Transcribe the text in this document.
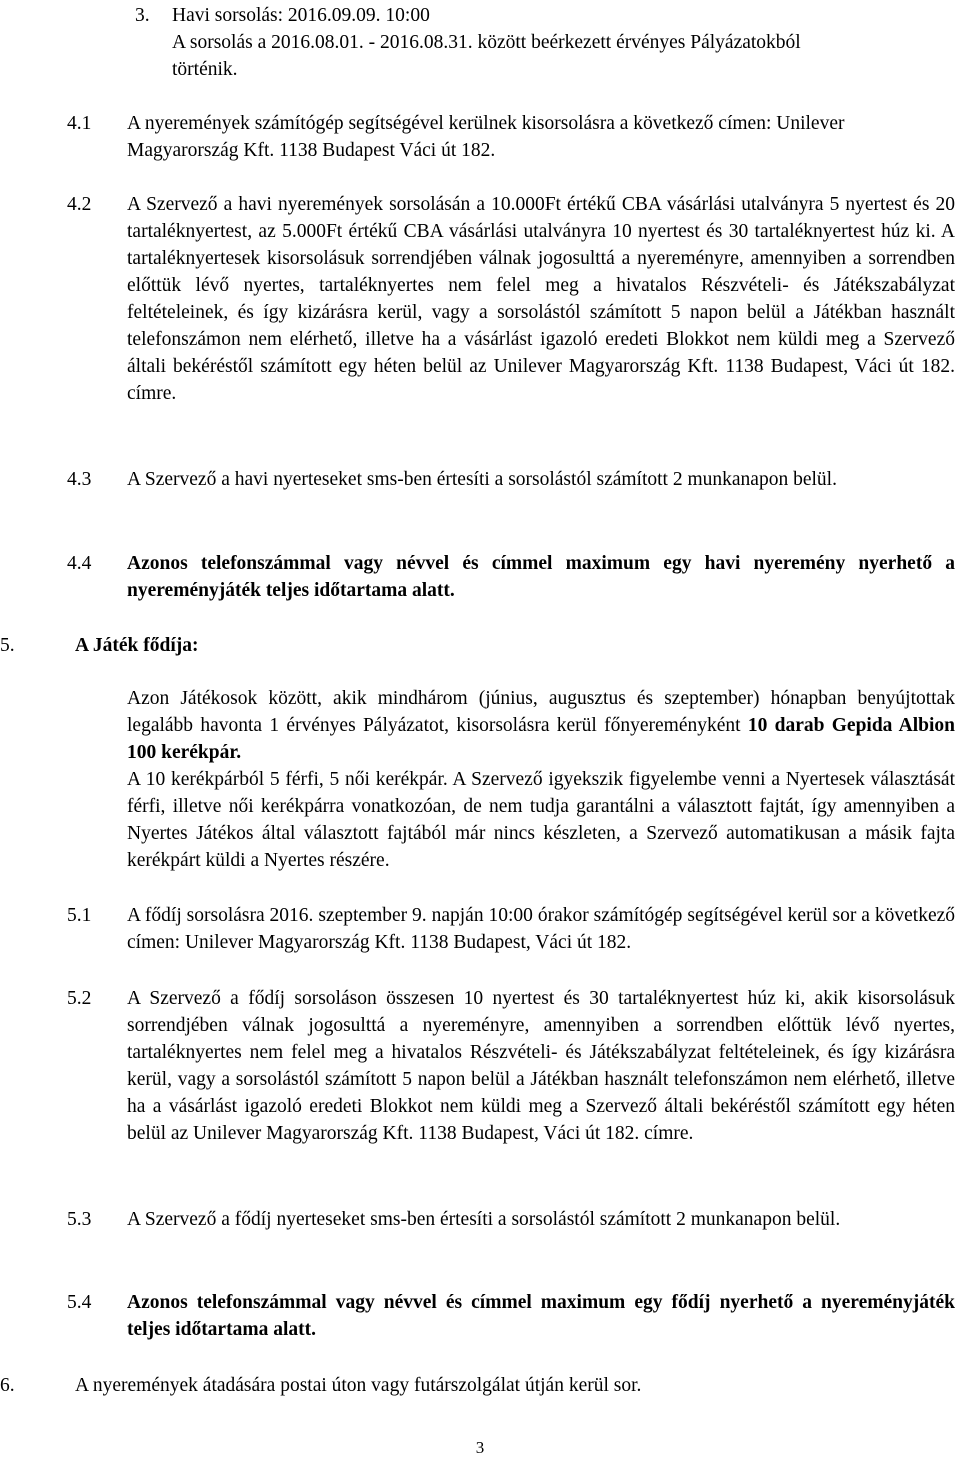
3. Havi sorsolás: 2016.09.09. 10:00

A sorsolás a 2016.08.01. - 2016.08.31. között beérkezett érvényes Pályázatokból történik.

4.1 A nyeremények számítógép segítségével kerülnek kisorsolásra a következő címen: Unilever Magyarország Kft. 1138 Budapest Váci út 182.

4.2 A Szervező a havi nyeremények sorsolásán a 10.000Ft értékű CBA vásárlási utalványra 5 nyertest és 20 tartaléknyertest, az 5.000Ft értékű CBA vásárlási utalványra 10 nyertest és 30 tartaléknyertest húz ki. A tartaléknyertesek kisorsolásuk sorrendjében válnak jogosulttá a nyereményre, amennyiben a sorrendben előttük lévő nyertes, tartaléknyertes nem felel meg a hivatalos Részvételi- és Játékszabályzat feltételeinek, és így kizárásra kerül, vagy a sorsolástól számított 5 napon belül a Játékban használt telefonszámon nem elérhető, illetve ha a vásárlást igazoló eredeti Blokkot nem küldi meg a Szervező általi bekéréstől számított egy héten belül az Unilever Magyarország Kft. 1138 Budapest, Váci út 182. címre.

4.3 A Szervező a havi nyerteseket sms-ben értesíti a sorsolástól számított 2 munkanapon belül.

4.4 Azonos telefonszámmal vagy névvel és címmel maximum egy havi nyeremény nyerhető a nyereményjáték teljes időtartama alatt.

5.	A Játék fődíja:

Azon Játékosok között, akik mindhárom (június, augusztus és szeptember) hónapban benyújtottak legalább havonta 1 érvényes Pályázatot, kisorsolásra kerül főnyereményként 10 darab Gepida Albion 100 kerékpár.

A 10 kerékpárból 5 férfi, 5 női kerékpár. A Szervező igyekszik figyelembe venni a Nyertesek választását férfi, illetve női kerékpárra vonatkozóan, de nem tudja garantálni a választott fajtát, így amennyiben a Nyertes Játékos által választott fajtából már nincs készleten, a Szervező automatikusan a másik fajta kerékpárt küldi a Nyertes részére.

5.1 A fődíj sorsolásra 2016. szeptember 9. napján 10:00 órakor számítógép segítségével kerül sor a következő címen: Unilever Magyarország Kft. 1138 Budapest, Váci út 182.

5.2 A Szervező a fődíj sorsoláson összesen 10 nyertest és 30 tartaléknyertest húz ki, akik kisorsolásuk sorrendjében válnak jogosulttá a nyereményre, amennyiben a sorrendben előttük lévő nyertes, tartaléknyertes nem felel meg a hivatalos Részvételi- és Játékszabályzat feltételeinek, és így kizárásra kerül, vagy a sorsolástól számított 5 napon belül a Játékban használt telefonszámon nem elérhető, illetve ha a vásárlást igazoló eredeti Blokkot nem küldi meg a Szervező általi bekéréstől számított egy héten belül az Unilever Magyarország Kft. 1138 Budapest, Váci út 182. címre.

5.3 A Szervező a fődíj nyerteseket sms-ben értesíti a sorsolástól számított 2 munkanapon belül.

5.4 Azonos telefonszámmal vagy névvel és címmel maximum egy fődíj nyerhető a nyereményjáték teljes időtartama alatt.

6.	A nyeremények átadására postai úton vagy futárszolgálat útján kerül sor.

3
